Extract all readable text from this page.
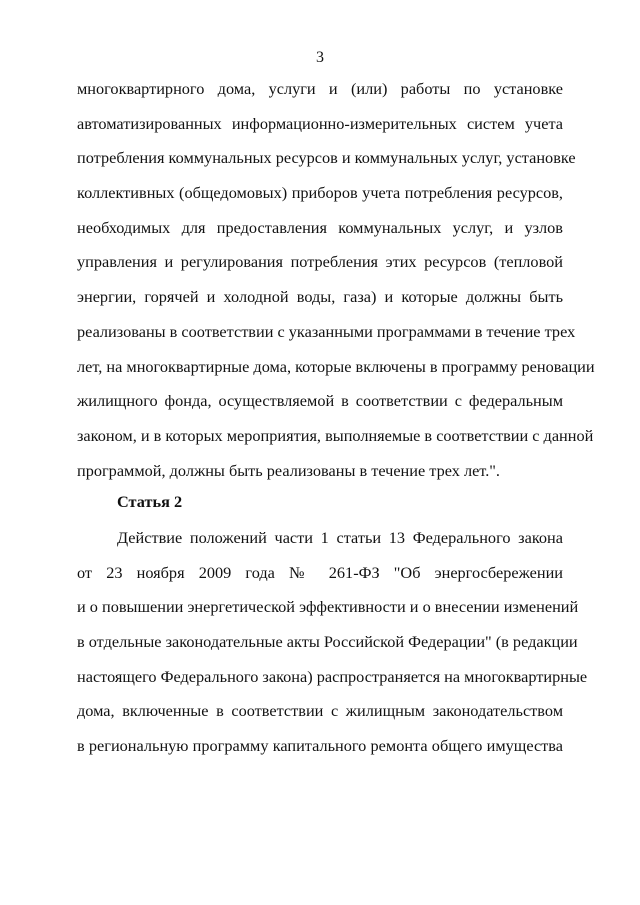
3
многоквартирного дома, услуги и (или) работы по установке
автоматизированных информационно-измерительных систем учета
потребления коммунальных ресурсов и коммунальных услуг, установке
коллективных (общедомовых) приборов учета потребления ресурсов,
необходимых для предоставления коммунальных услуг, и узлов
управления и регулирования потребления этих ресурсов (тепловой
энергии, горячей и холодной воды, газа) и которые должны быть
реализованы в соответствии с указанными программами в течение трех
лет, на многоквартирные дома, которые включены в программу реновации
жилищного фонда, осуществляемой в соответствии с федеральным
законом, и в которых мероприятия, выполняемые в соответствии с данной
программой, должны быть реализованы в течение трех лет.".
Статья 2
Действие положений части 1 статьи 13 Федерального закона
от 23 ноября 2009 года № 261-ФЗ "Об энергосбережении
и о повышении энергетической эффективности и о внесении изменений
в отдельные законодательные акты Российской Федерации" (в редакции
настоящего Федерального закона) распространяется на многоквартирные
дома, включенные в соответствии с жилищным законодательством
в региональную программу капитального ремонта общего имущества
